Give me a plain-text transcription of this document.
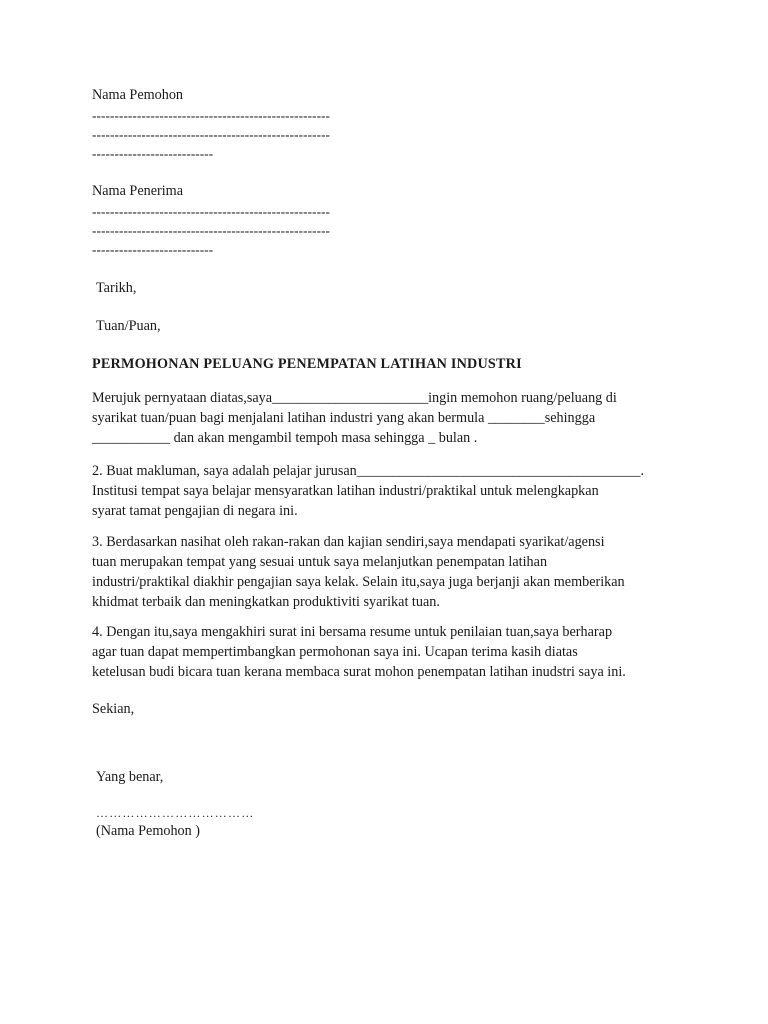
Nama Pemohon
-----------------------------------------------------
-----------------------------------------------------
---------------------------
Nama Penerima
-----------------------------------------------------
-----------------------------------------------------
---------------------------
Tarikh,
Tuan/Puan,
PERMOHONAN PELUANG PENEMPATAN LATIHAN INDUSTRI
Merujuk pernyataan diatas,saya______________________ingin memohon ruang/peluang di
syarikat tuan/puan bagi menjalani latihan industri yang akan bermula ________sehingga
___________ dan akan mengambil tempoh masa sehingga _ bulan .
2. Buat makluman, saya adalah pelajar jurusan________________________________________.
Institusi tempat saya belajar mensyaratkan latihan industri/praktikal untuk melengkapkan
syarat tamat pengajian di negara ini.
3. Berdasarkan nasihat oleh rakan-rakan dan kajian sendiri,saya mendapati syarikat/agensi
tuan merupakan tempat yang sesuai untuk saya melanjutkan penempatan latihan
industri/praktikal diakhir pengajian saya kelak. Selain itu,saya juga berjanji akan memberikan
khidmat terbaik dan meningkatkan produktiviti syarikat tuan.
4. Dengan itu,saya mengakhiri surat ini bersama resume untuk penilaian tuan,saya berharap
agar tuan dapat mempertimbangkan permohonan saya ini. Ucapan terima kasih diatas
ketelusan budi bicara tuan kerana membaca surat mohon penempatan latihan inudstri saya ini.
Sekian,
Yang benar,
………………………………
(Nama Pemohon )
